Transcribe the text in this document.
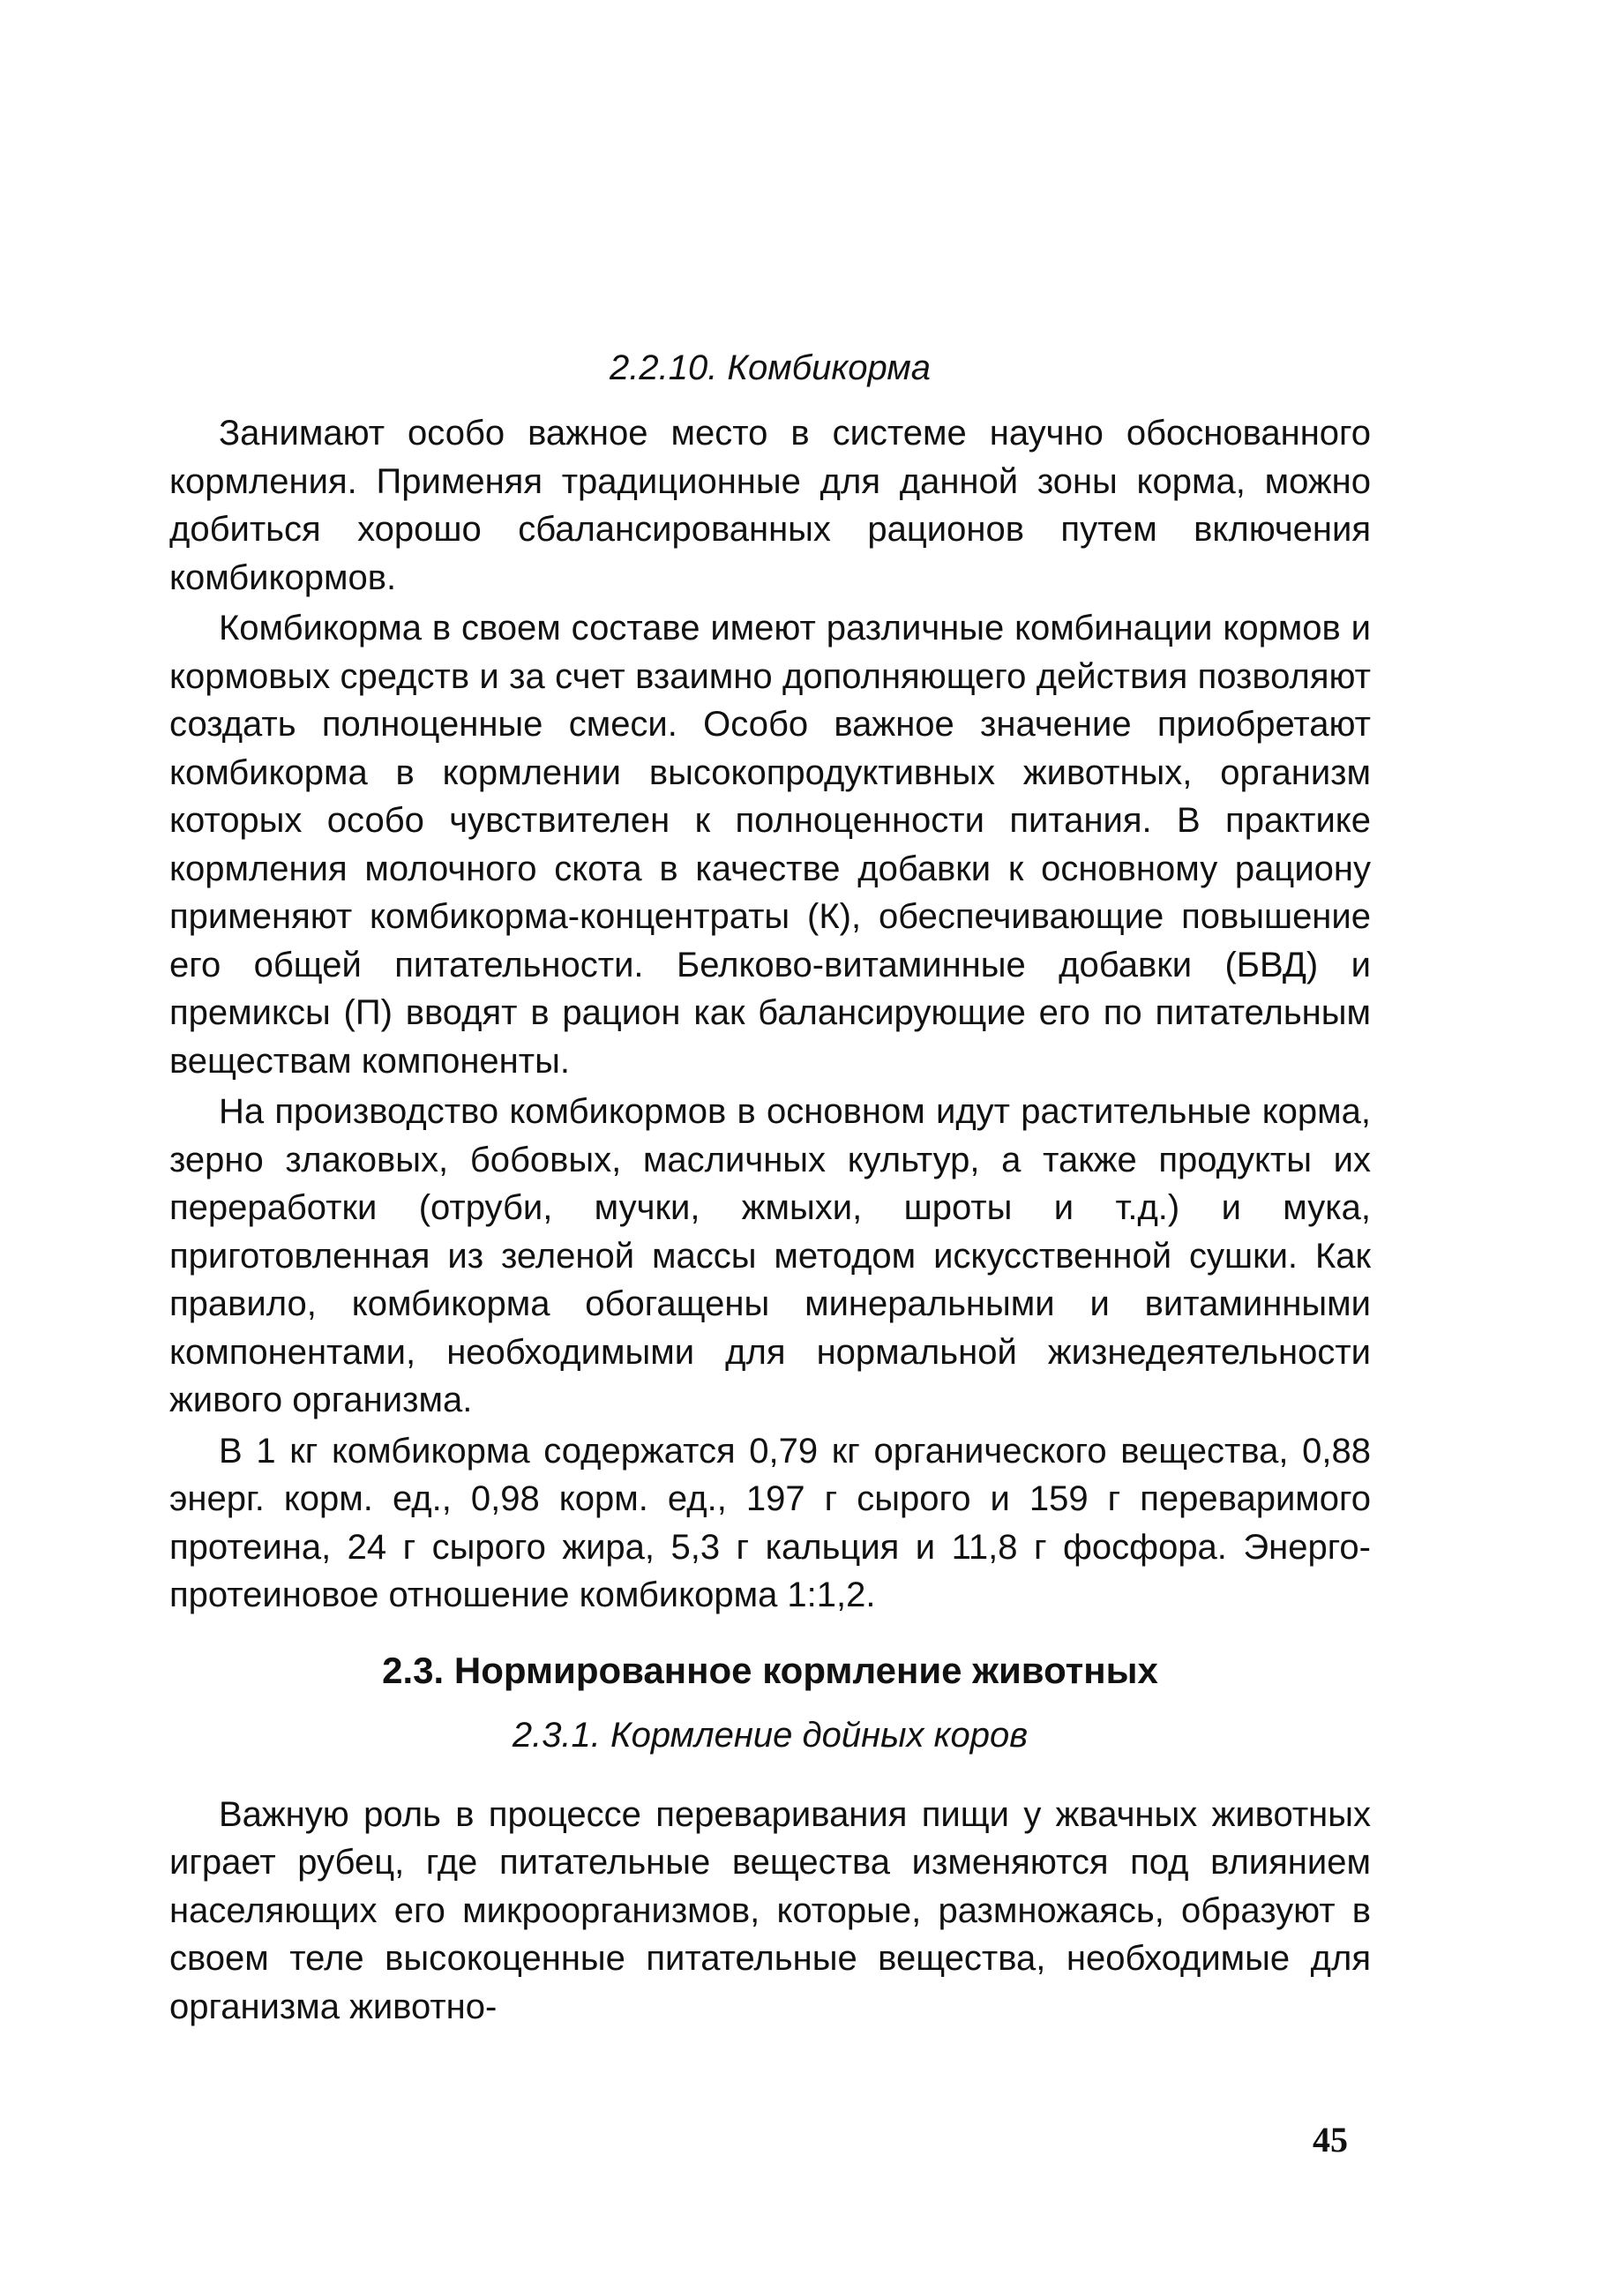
2.2.10. Комбикорма

Занимают особо важное место в системе научно обоснованного кормления. Применяя традиционные для данной зоны корма, можно добиться хорошо сбалансированных рационов путем включения комбикормов.

Комбикорма в своем составе имеют различные комбинации кормов и кормовых средств и за счет взаимно дополняющего действия позволяют создать полноценные смеси. Особо важное значение приобретают комбикорма в кормлении высокопродуктивных животных, организм которых особо чувствителен к полноценности питания. В практике кормления молочного скота в качестве добавки к основному рациону применяют комбикорма-концентраты (К), обеспечивающие повышение его общей питательности. Белково-витаминные добавки (БВД) и премиксы (П) вводят в рацион как балансирующие его по питательным веществам компоненты.

На производство комбикормов в основном идут растительные корма, зерно злаковых, бобовых, масличных культур, а также продукты их переработки (отруби, мучки, жмыхи, шроты и т.д.) и мука, приготовленная из зеленой массы методом искусственной сушки. Как правило, комбикорма обогащены минеральными и витаминными компонентами, необходимыми для нормальной жизнедеятельности живого организма.

В 1 кг комбикорма содержатся 0,79 кг органического вещества, 0,88 энерг. корм. ед., 0,98 корм. ед., 197 г сырого и 159 г переваримого протеина, 24 г сырого жира, 5,3 г кальция и 11,8 г фосфора. Энерго-протеиновое отношение комбикорма 1:1,2.

2.3. Нормированное кормление животных
2.3.1. Кормление дойных коров

Важную роль в процессе переваривания пищи у жвачных животных играет рубец, где питательные вещества изменяются под влиянием населяющих его микроорганизмов, которые, размножаясь, образуют в своем теле высокоценные питательные вещества, необходимые для организма животно-

45
